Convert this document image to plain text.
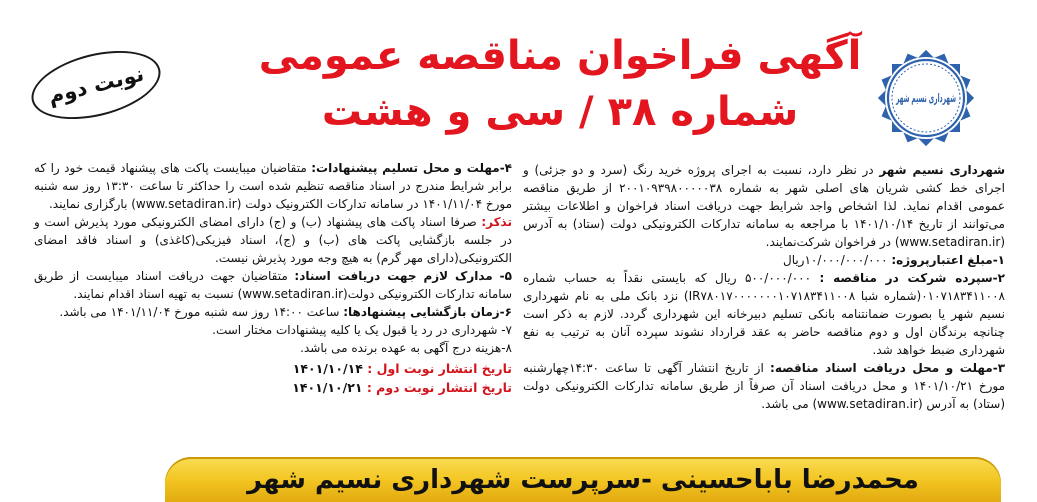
نوبت دوم
آگهی فراخوان مناقصه عمومی
شماره ۳۸ / سی و هشت	شهرداری نسیم شهر

شهرداری نسیم شهر در نظر دارد، نسبت به اجرای پروژه خرید رنگ (سرد و دو جزئی) و اجرای خط کشی شریان های اصلی شهر به شماره ۲۰۰۱۰۹۳۹۸۰۰۰۰۰۳۸ از طریق مناقصه عمومی اقدام نماید. لذا اشخاص واجد شرایط جهت دریافت اسناد فراخوان و اطلاعات بیشتر می‌توانند از تاریخ ۱۴۰۱/۱۰/۱۴ با مراجعه به سامانه تدارکات الکترونیکی دولت (ستاد) به آدرس (www.setadiran.ir) در فراخوان شرکت‌نمایند.

۱-مبلغ اعتبارپروژه: ۱۰/۰۰۰/۰۰۰/۰۰۰ریال

۲-سپرده شرکت در مناقصه : ۵۰۰/۰۰۰/۰۰۰ ریال که بایستی نقداً به حساب شماره ۰۱۰۷۱۸۳۴۱۱۰۰۸(شماره شبا IR۷۸۰۱۷۰۰۰۰۰۰۰۱۰۷۱۸۳۴۱۱۰۰۸) نزد بانک ملی به نام شهرداری نسیم شهر یا بصورت ضمانتنامه بانکی تسلیم دبیرخانه این شهرداری گردد. لازم به ذکر است چنانچه برندگان اول و دوم مناقصه حاضر به عقد قرارداد نشوند سپرده آنان به ترتیب به نفع شهرداری ضبط خواهد شد.

۳-مهلت و محل دریافت اسناد مناقصه: از تاریخ انتشار آگهی تا ساعت ۱۴:۳۰چهارشنبه مورخ ۱۴۰۱/۱۰/۲۱ و محل دریافت اسناد آن صرفاً از طریق سامانه تدارکات الکترونیکی دولت (ستاد) به آدرس (www.setadiran.ir) می باشد.

۴-مهلت و محل تسلیم پیشنهادات: متقاضیان میبایست پاکت های پیشنهاد قیمت خود را که برابر شرایط مندرج در اسناد مناقصه تنظیم شده است را حداکثر تا ساعت ۱۳:۳۰ روز سه شنبه مورخ ۱۴۰۱/۱۱/۰۴ در سامانه تدارکات الکترونیک دولت (www.setadiran.ir) بارگزاری نمایند.

تذکر: صرفا اسناد پاکت های پیشنهاد (ب) و (ج) دارای امضای الکترونیکی مورد پذیرش است و در جلسه بازگشایی پاکت های (ب) و (ج)، اسناد فیزیکی(کاغذی) و اسناد فاقد امضای الکترونیکی(دارای مهر گرم) به هیچ وجه مورد پذیرش نیست.

۵- مدارک لازم جهت دریافت اسناد: متقاضیان جهت دریافت اسناد میبایست از طریق سامانه تدارکات الکترونیکی دولت(www.setadiran.ir) نسبت به تهیه اسناد اقدام نمایند.

۶-زمان بازگشایی پیشنهادها: ساعت ۱۴:۰۰ روز سه شنبه مورخ ۱۴۰۱/۱۱/۰۴ می باشد.

۷- شهرداری در رد یا قبول یک یا کلیه پیشنهادات مختار است.

۸-هزینه درج آگهی به عهده برنده می باشد.

تاریخ انتشار نوبت اول : ۱۴۰۱/۱۰/۱۴

تاریخ انتشار نوبت دوم : ۱۴۰۱/۱۰/۲۱

محمدرضا باباحسینی -سرپرست شهرداری نسیم شهر
